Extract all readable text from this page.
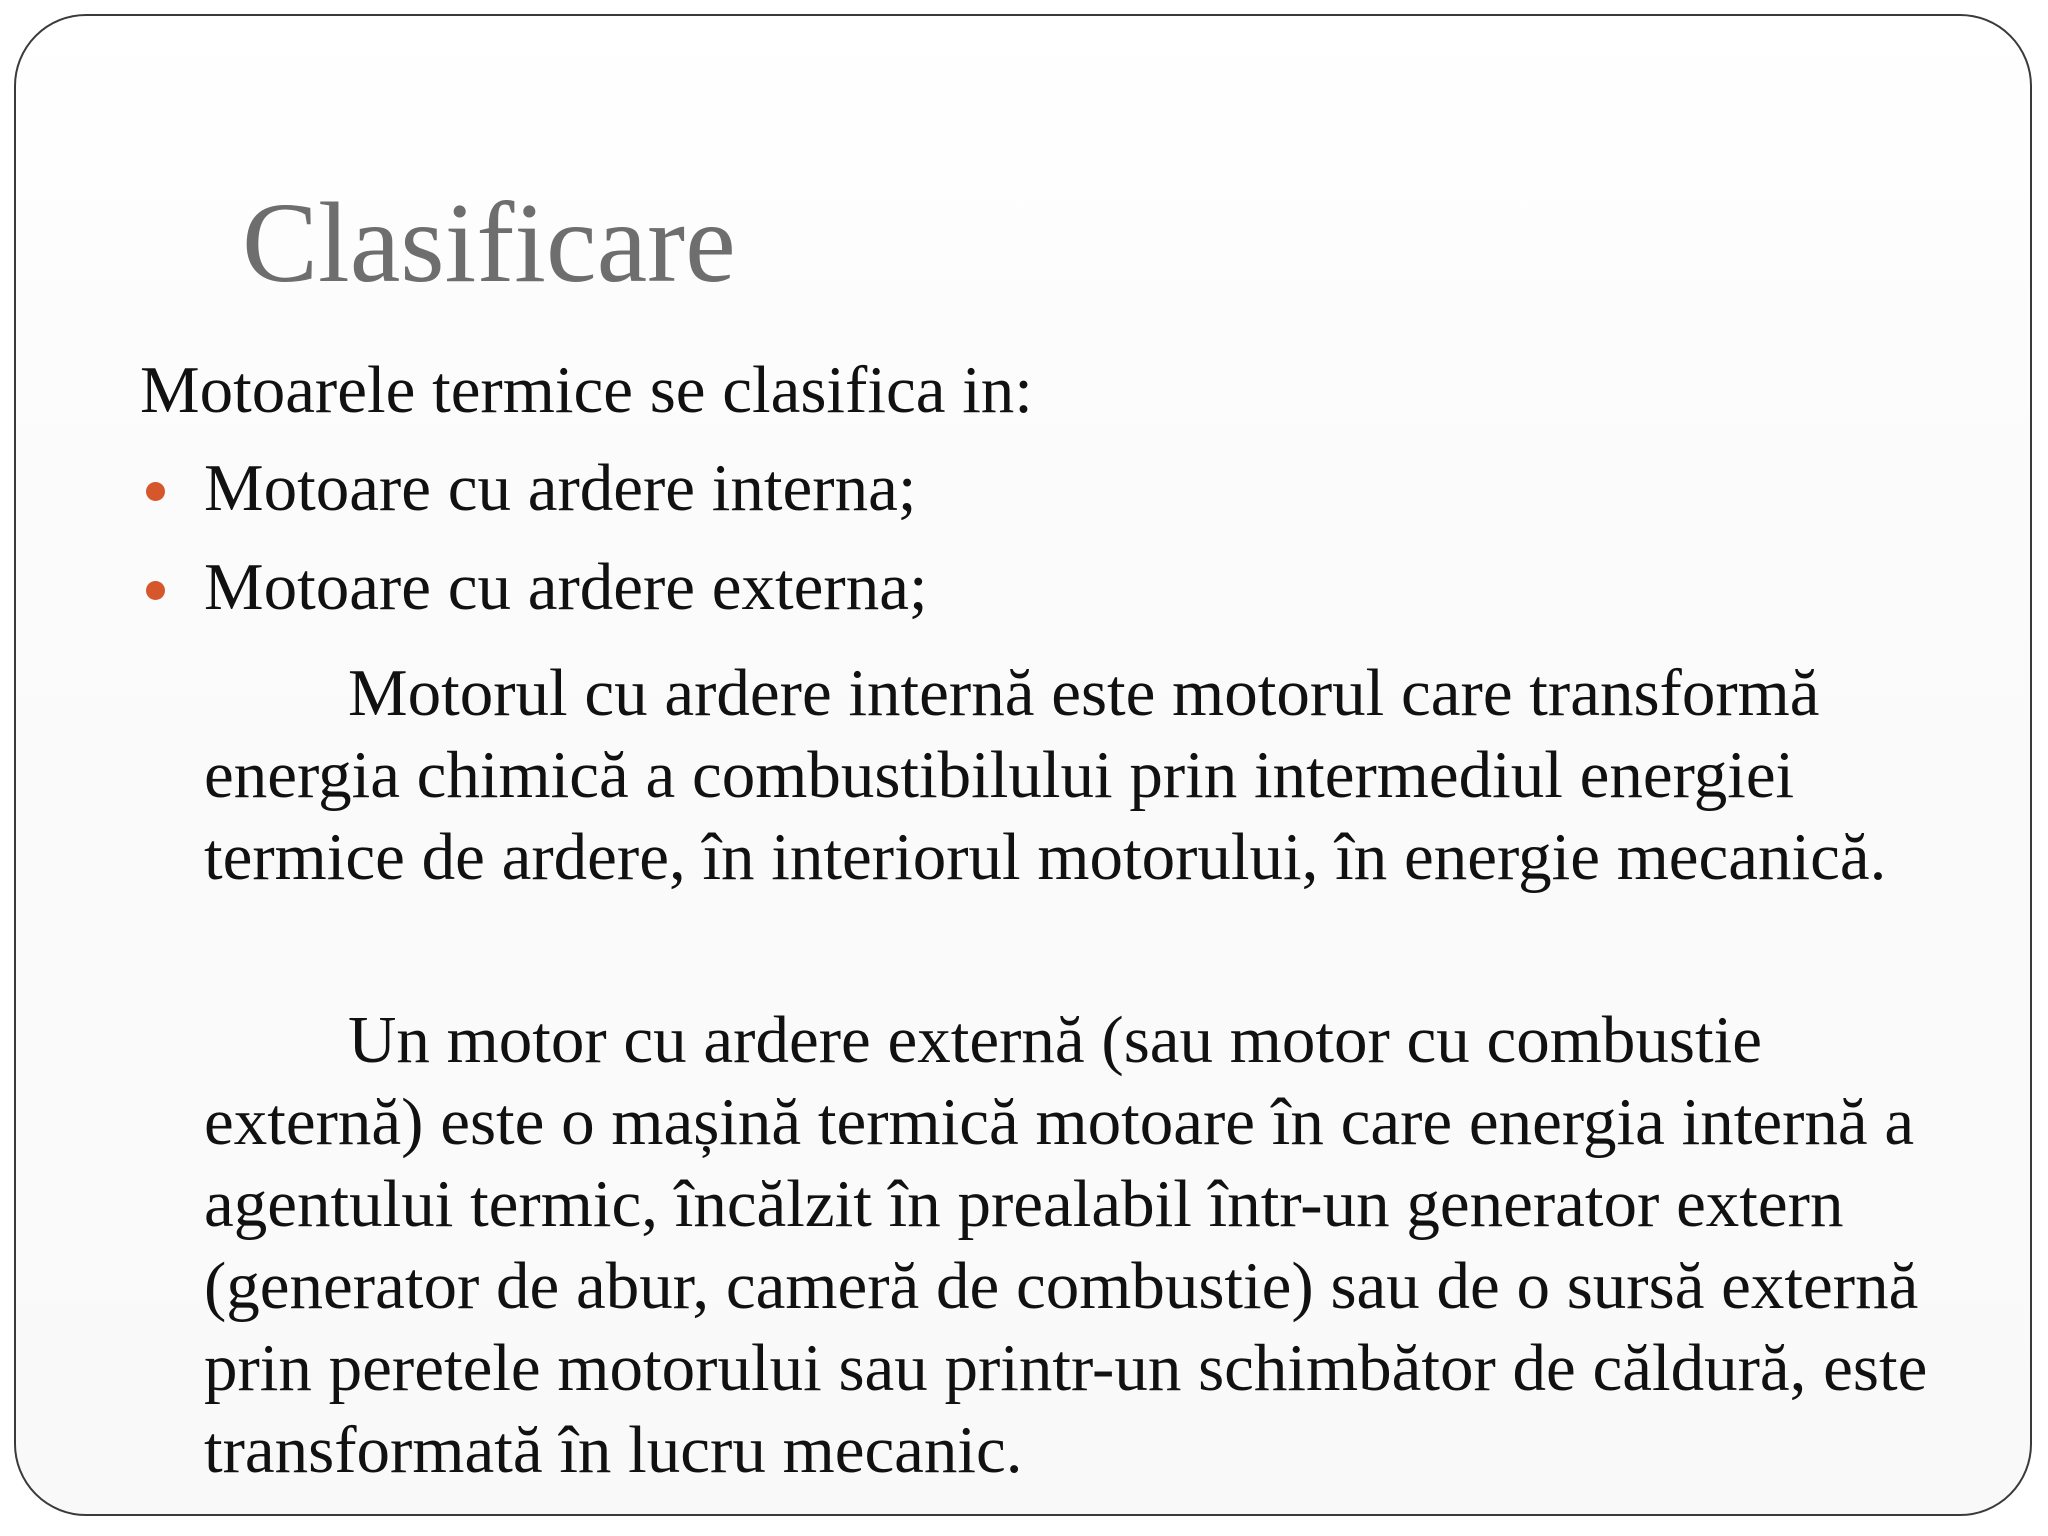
Clasificare

Motoarele termice se clasifica in:

Motoare cu ardere interna;
Motoare cu ardere externa;

Motorul cu ardere internă este motorul care transformă energia chimică a combustibilului prin intermediul energiei termice de ardere, în interiorul motorului, în energie mecanică.

Un motor cu ardere externă (sau motor cu combustie externă) este o mașină termică motoare în care energia internă a agentului termic, încălzit în prealabil într-un generator extern (generator de abur, cameră de combustie) sau de o sursă externă prin peretele motorului sau printr-un schimbător de căldură, este transformată în lucru mecanic.
